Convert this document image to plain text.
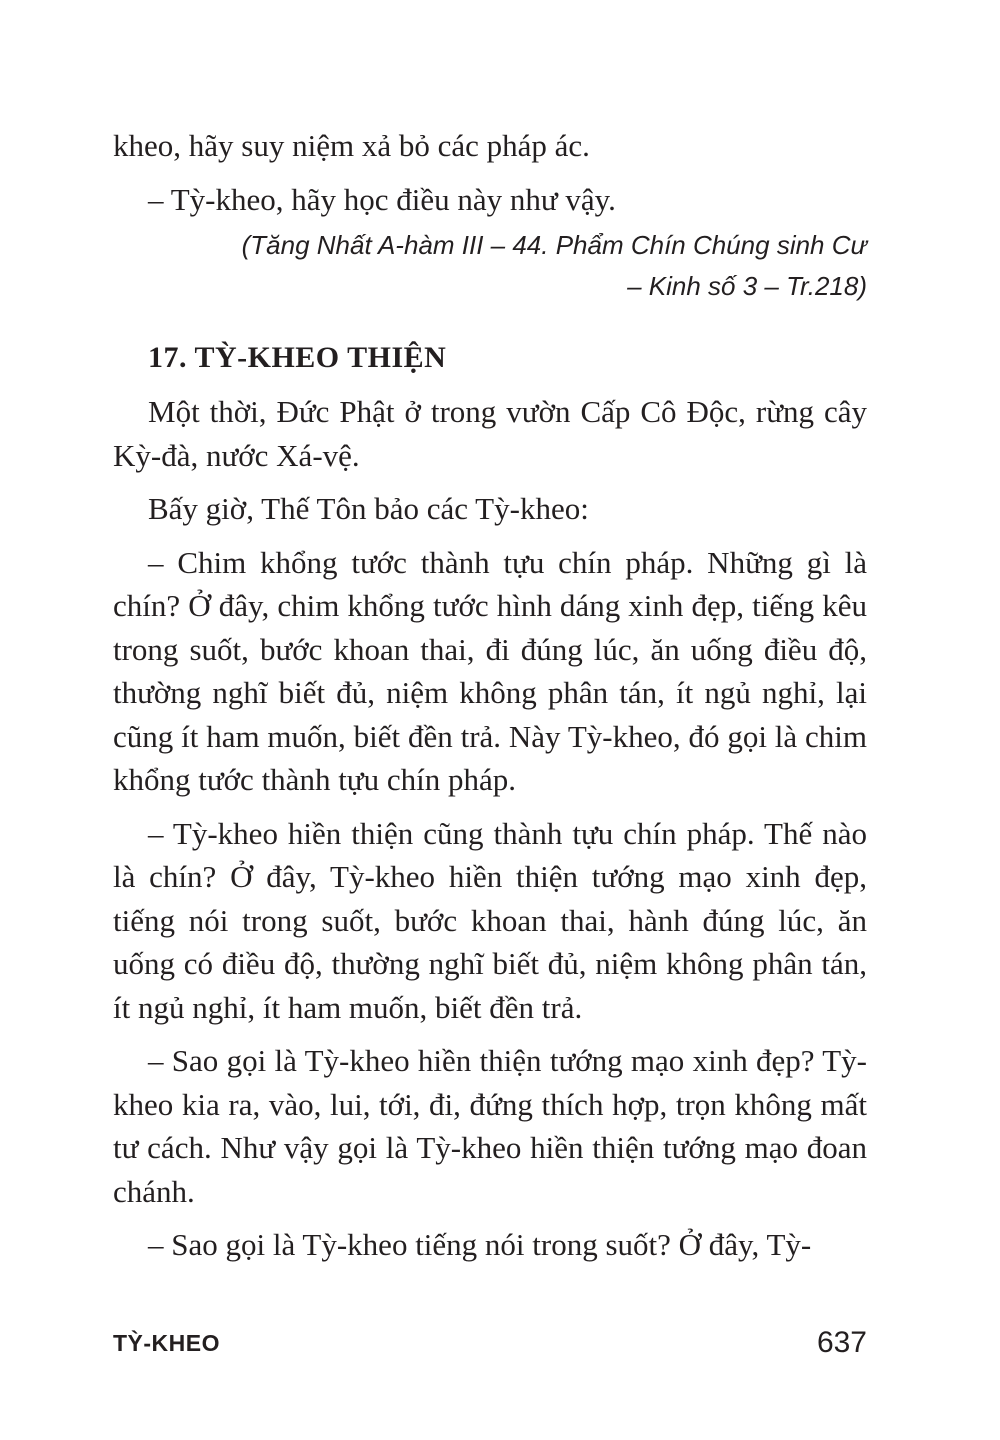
kheo, hãy suy niệm xả bỏ các pháp ác.

– Tỳ-kheo, hãy học điều này như vậy.

(Tăng Nhất A-hàm III – 44. Phẩm Chín Chúng sinh Cư
– Kinh số 3 – Tr.218)
17. TỲ-KHEO THIỆN

Một thời, Đức Phật ở trong vườn Cấp Cô Độc, rừng cây Kỳ-đà, nước Xá-vệ.

Bấy giờ, Thế Tôn bảo các Tỳ-kheo:

– Chim khổng tước thành tựu chín pháp. Những gì là chín? Ở đây, chim khổng tước hình dáng xinh đẹp, tiếng kêu trong suốt, bước khoan thai, đi đúng lúc, ăn uống điều độ, thường nghĩ biết đủ, niệm không phân tán, ít ngủ nghỉ, lại cũng ít ham muốn, biết đền trả. Này Tỳ-kheo, đó gọi là chim khổng tước thành tựu chín pháp.

– Tỳ-kheo hiền thiện cũng thành tựu chín pháp. Thế nào là chín? Ở đây, Tỳ-kheo hiền thiện tướng mạo xinh đẹp, tiếng nói trong suốt, bước khoan thai, hành đúng lúc, ăn uống có điều độ, thường nghĩ biết đủ, niệm không phân tán, ít ngủ nghỉ, ít ham muốn, biết đền trả.

– Sao gọi là Tỳ-kheo hiền thiện tướng mạo xinh đẹp? Tỳ-kheo kia ra, vào, lui, tới, đi, đứng thích hợp, trọn không mất tư cách. Như vậy gọi là Tỳ-kheo hiền thiện tướng mạo đoan chánh.

– Sao gọi là Tỳ-kheo tiếng nói trong suốt? Ở đây, Tỳ-

TỲ-KHEO	637
